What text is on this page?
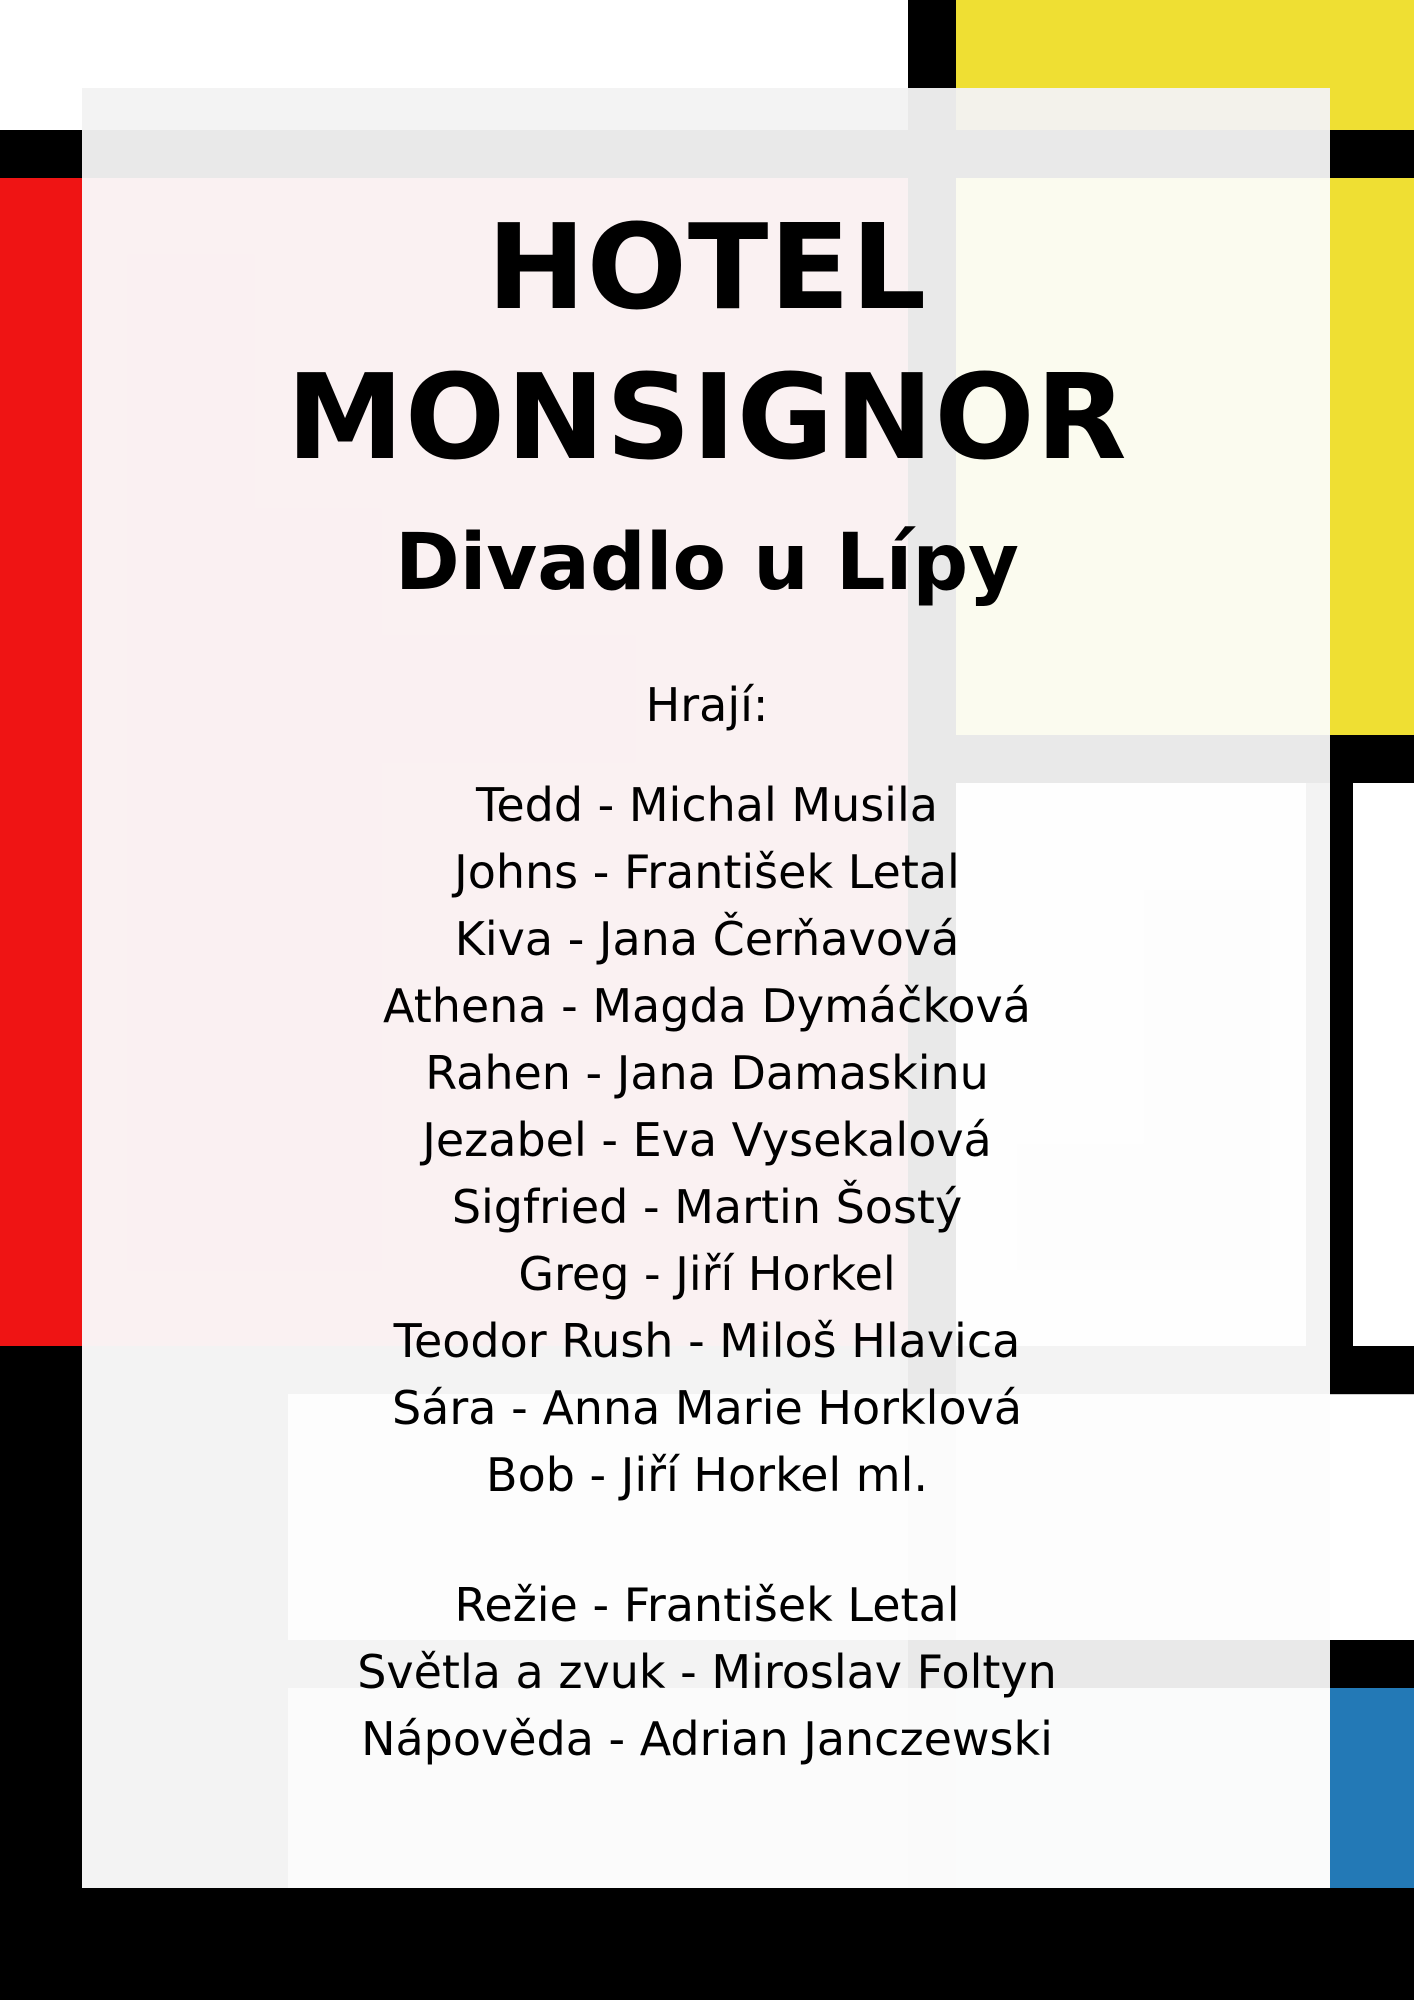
HOTEL
MONSIGNOR
Divadlo u Lípy
Hrají:
Tedd - Michal Musila
Johns - František Letal
Kiva - Jana Čerňavová
Athena - Magda Dymáčková
Rahen - Jana Damaskinu
Jezabel - Eva Vysekalová
Sigfried - Martin Šostý
Greg - Jiří Horkel
Teodor Rush - Miloš Hlavica
Sára - Anna Marie Horklová
Bob - Jiří Horkel ml.
Režie - František Letal
Světla a zvuk - Miroslav Foltyn
Nápověda - Adrian Janczewski
